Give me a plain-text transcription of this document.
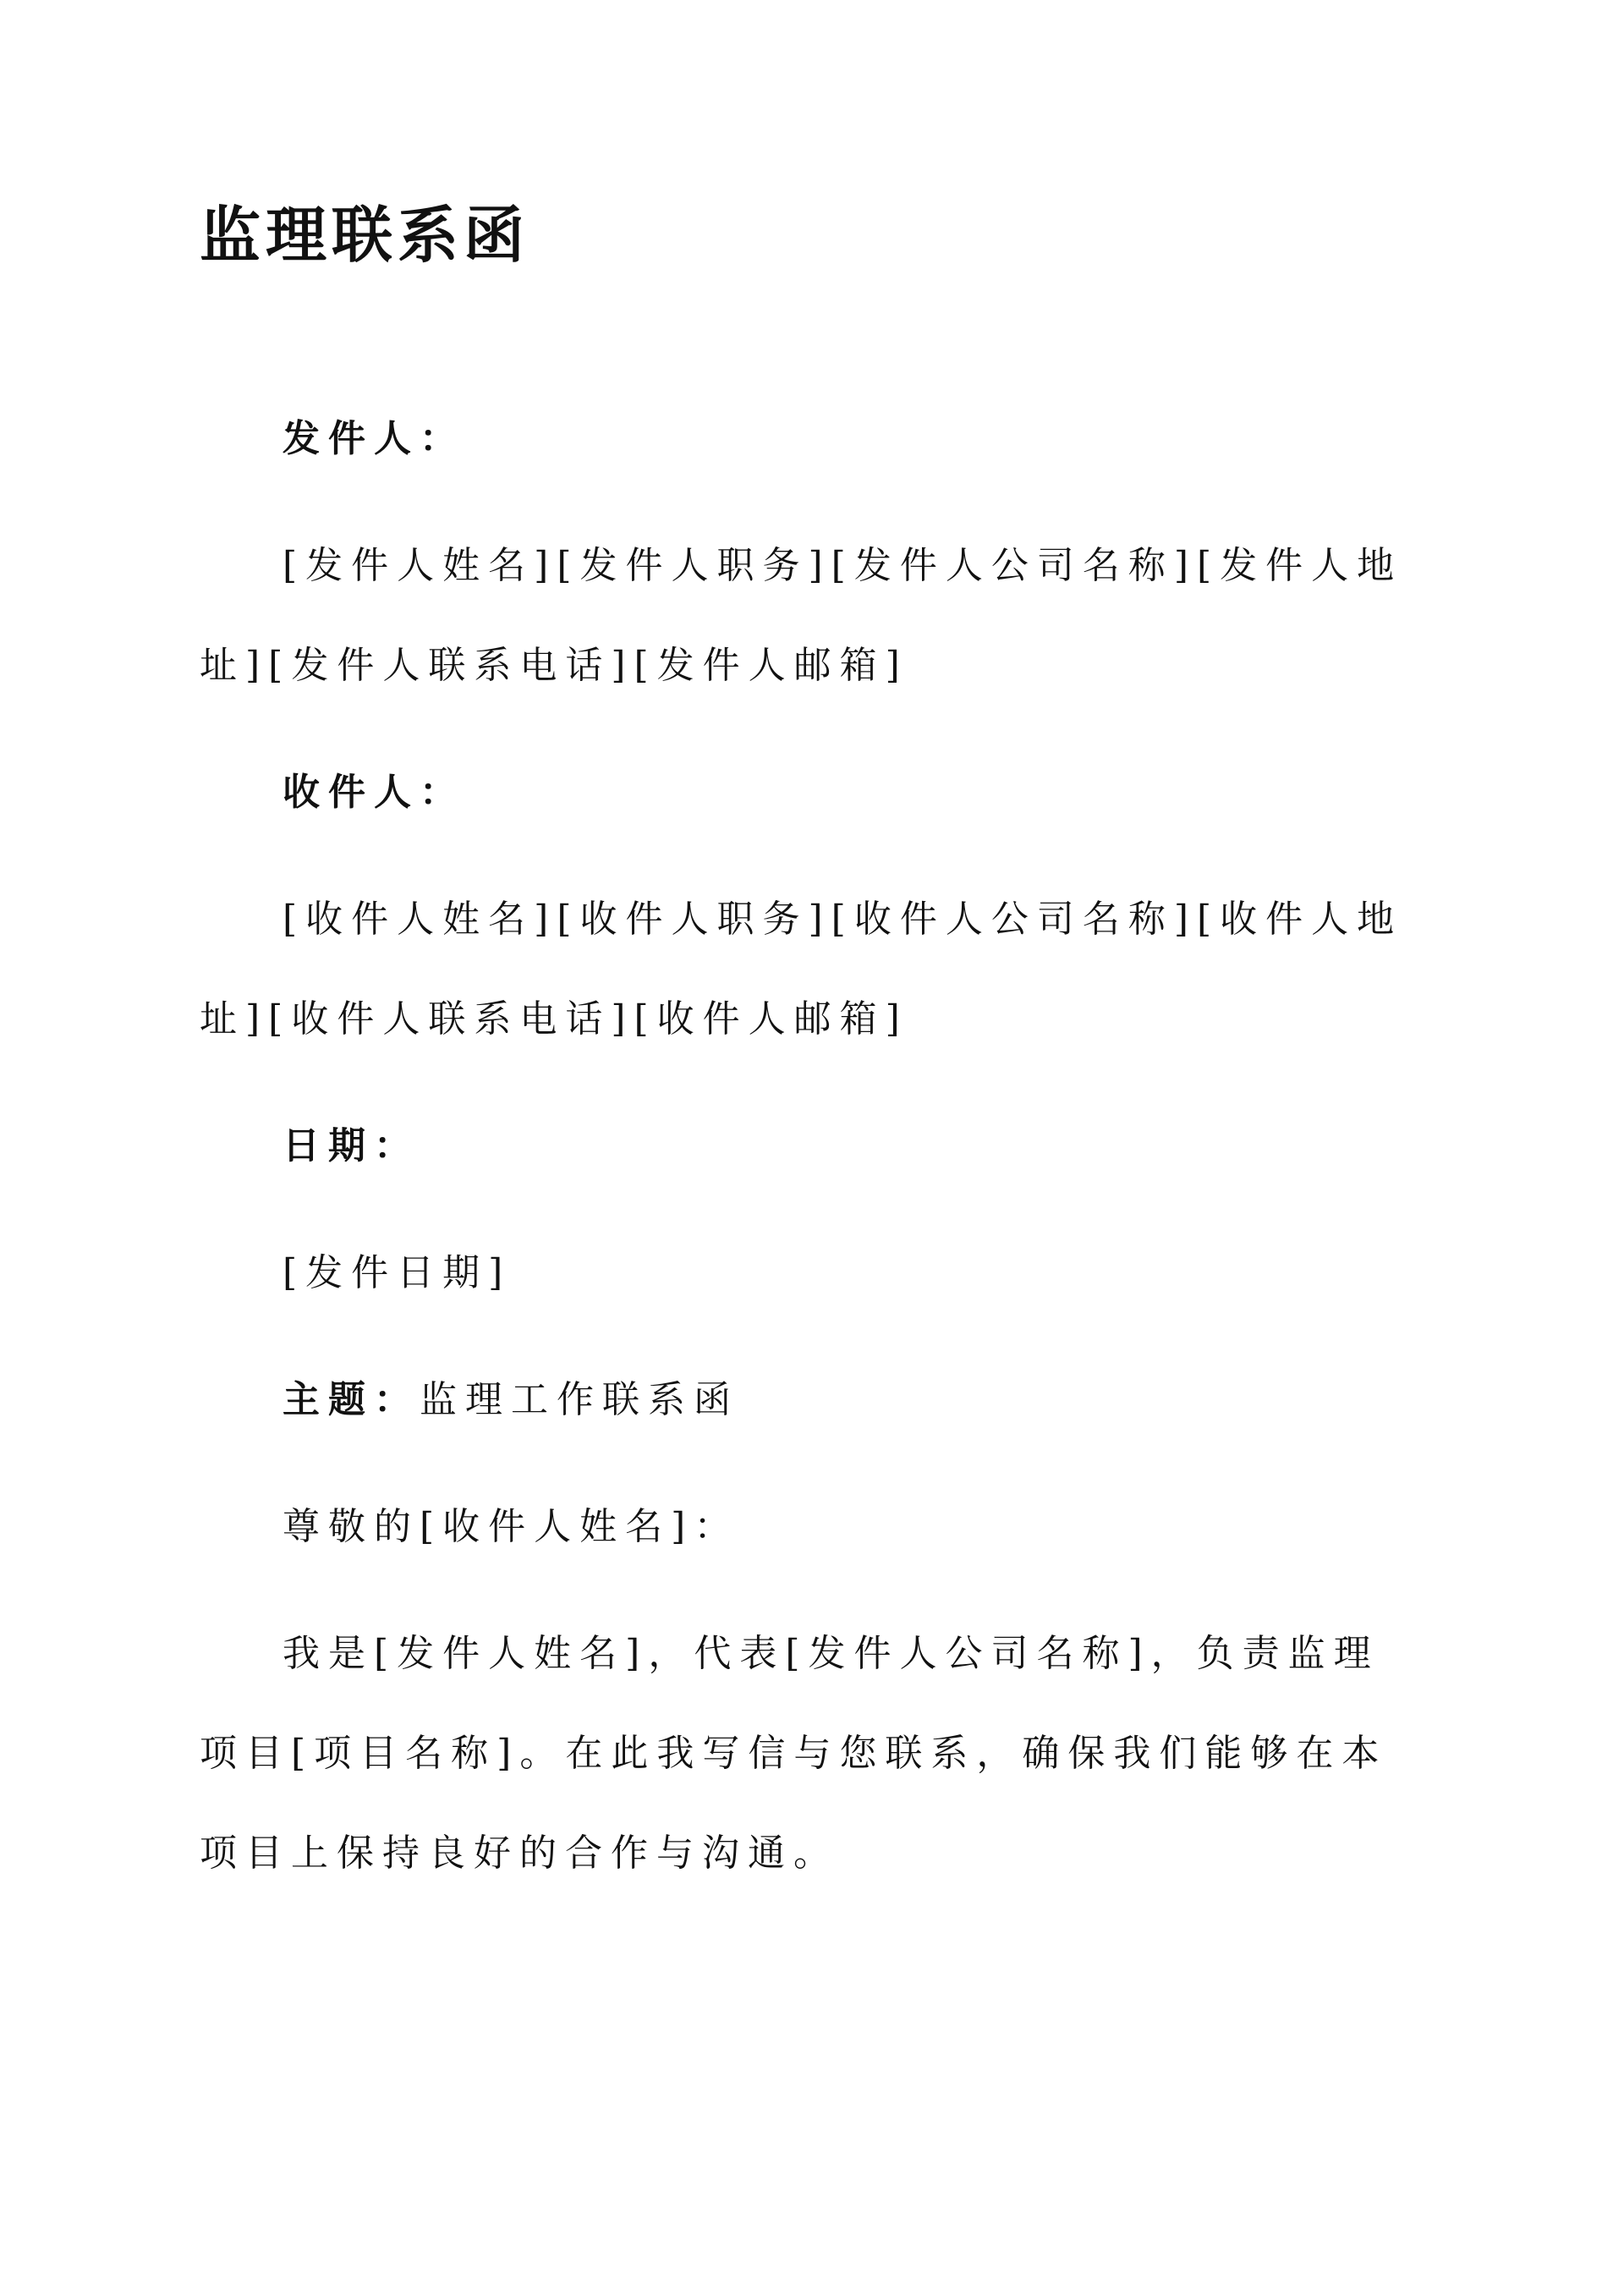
监理联系函

发件人：

[发件人姓名][发件人职务][发件人公司名称][发件人地址][发件人联系电话][发件人邮箱]

收件人：

[收件人姓名][收件人职务][收件人公司名称][收件人地址][收件人联系电话][收件人邮箱]

日期：

[发件日期]

主题：监理工作联系函

尊敬的[收件人姓名]：

我是[发件人姓名]，代表[发件人公司名称]，负责监理项目[项目名称]。在此我写信与您联系，确保我们能够在本项目上保持良好的合作与沟通。
